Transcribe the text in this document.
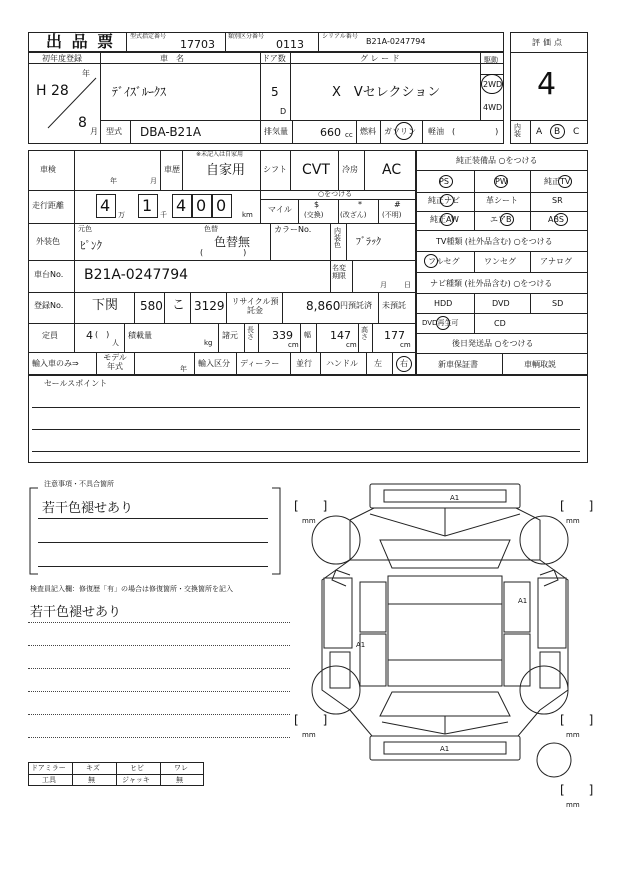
出 品 票 型式指定番号
17703
類別区分番号
0113
シリアル番号
B21A-0247794	評価点
4
内装	A B C
初年度登録
年
H 28
8
月
車　名
ﾃﾞｲｽﾞﾙｰｸｽ
ドア数
5
D
グ レ ー ド
X　Vセレクション
駆動
2WD
4WD
型式 DBA-B21A	排気量	660 cc 燃料 ガソリン 軽油 (　　　　　)
車検
年	月
車歴
※未記入は自家用
自家用 シフト CVT 冷房 AC
走行距離 4 万 1 千 4 0 0 km
○をつける
マイル
$
(交換)
*
(改ざん)
#
(不明)
外装色
元色
ﾋﾟﾝｸ
色替
色替無
(　　　　　)
カラーNo.	内装色 ﾌﾞﾗｯｸ
車台No. B21A-0247794	名変期限
月 日
登録No. 下関 580 こ 3129 リサイクル預託金	8,860 円 預託済 未預託
定員	4 (　)
人
積載量
kg
諸元
長さ 339
cm
幅 147
cm
高さ 177
cm
輸入車のみ⇒
モデル年式	年
輸入区分 ディーラー 並行 ハンドル 左 右
純正装備品 ○をつける
PS	PW	純正TV
純正ナビ	革シート	SR
純正AW	エアB	ABS
TV種類 (社外品含む) ○をつける
フルセグ	ワンセグ	アナログ
ナビ種類 (社外品含む) ○をつける
HDD	DVD	SD
DVD再生可	CD
後日発送品 ○をつける
新車保証書	車輌取説
セールスポイント
注意事項・不具合箇所
若干色褪せあり
検査員記入欄：修復歴「有」の場合は修復箇所・交換箇所を記入
若干色褪せあり
ドアミラー	キズ	ヒビ	ワレ
工具	無	ジャッキ	無
A1
A1
A1
A1
[　　]
mm
[　　]
mm
[　　]
mm
[　　]
mm
[　　]
mm
